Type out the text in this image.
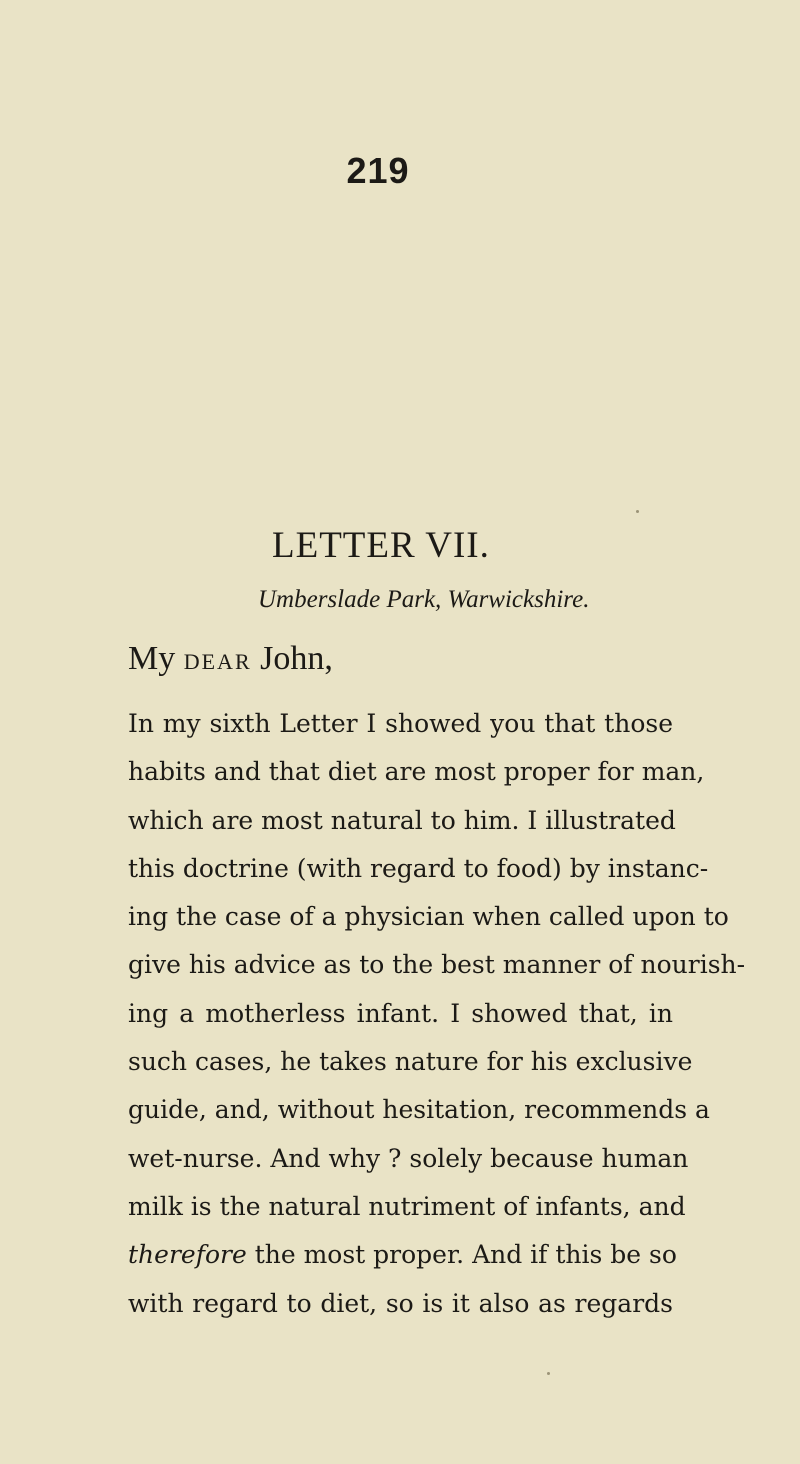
219
LETTER VII.
Umberslade Park, Warwickshire.
My DEAR John,
In my sixth Letter I showed you that those
habits and that diet are most proper for man,
which are most natural to him. I illustrated
this doctrine (with regard to food) by instanc-
ing the case of a physician when called upon to
give his advice as to the best manner of nourish-
ing a motherless infant. I showed that, in
such cases, he takes nature for his exclusive
guide, and, without hesitation, recommends a
wet-nurse. And why ? solely because human
milk is the natural nutriment of infants, and
therefore the most proper. And if this be so
with regard to diet, so is it also as regards
